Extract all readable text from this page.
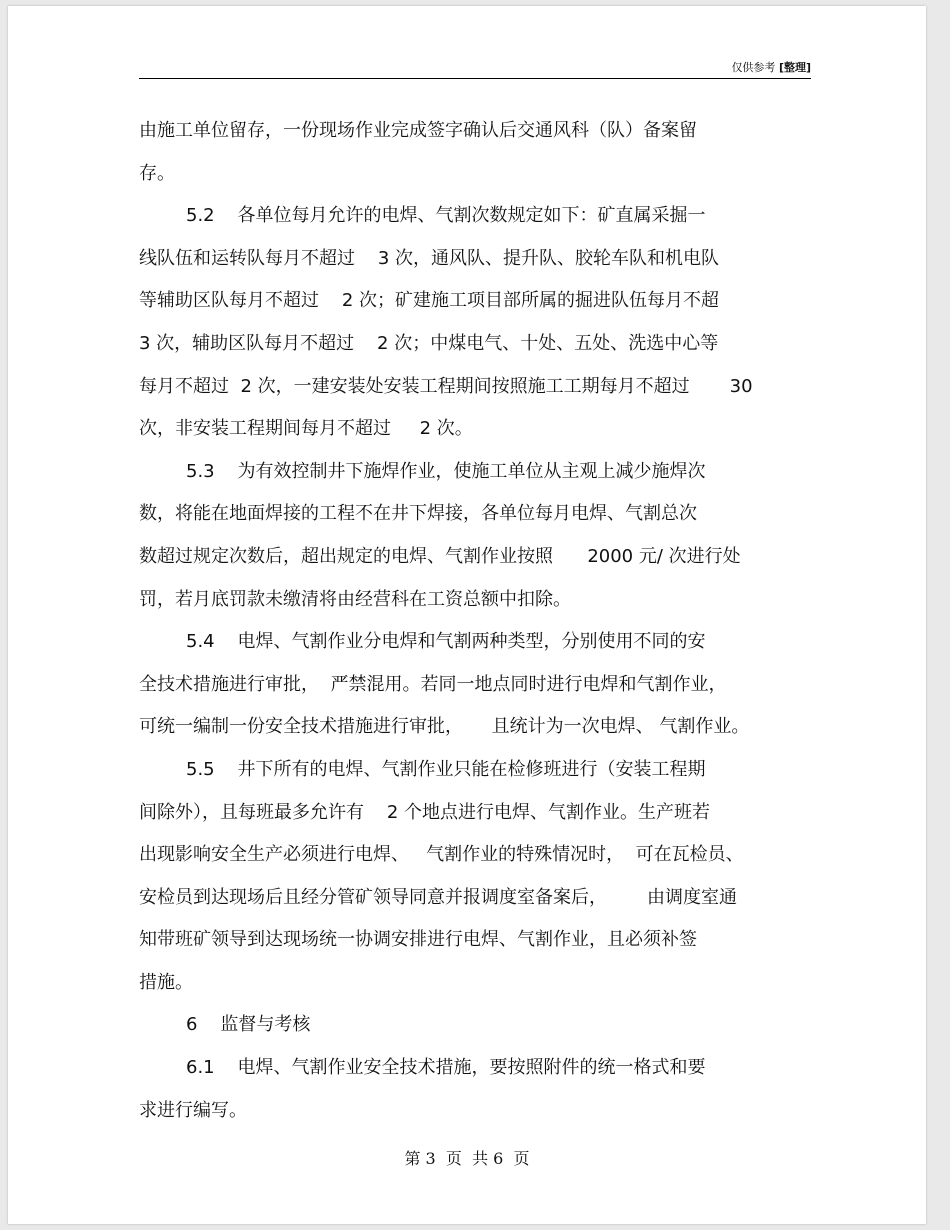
仅供参考 [整理]
由施工单位留存，一份现场作业完成签字确认后交通风科（队）备案留
存。
5.2    各单位每月允许的电焊、气割次数规定如下：矿直属采掘一
线队伍和运转队每月不超过    3 次，通风队、提升队、胶轮车队和机电队
等辅助区队每月不超过    2 次；矿建施工项目部所属的掘进队伍每月不超
3 次，辅助区队每月不超过    2 次；中煤电气、十处、五处、洗选中心等
每月不超过  2 次，一建安装处安装工程期间按照施工工期每月不超过       30
次，非安装工程期间每月不超过     2 次。
5.3    为有效控制井下施焊作业，使施工单位从主观上减少施焊次
数，将能在地面焊接的工程不在井下焊接，各单位每月电焊、气割总次
数超过规定次数后，超出规定的电焊、气割作业按照      2000 元/ 次进行处
罚，若月底罚款未缴清将由经营科在工资总额中扣除。
5.4    电焊、气割作业分电焊和气割两种类型，分别使用不同的安
全技术措施进行审批，  严禁混用。若同一地点同时进行电焊和气割作业，
可统一编制一份安全技术措施进行审批，     且统计为一次电焊、 气割作业。
5.5    井下所有的电焊、气割作业只能在检修班进行（安装工程期
间除外），且每班最多允许有    2 个地点进行电焊、气割作业。生产班若
出现影响安全生产必须进行电焊、   气割作业的特殊情况时，  可在瓦检员、
安检员到达现场后且经分管矿领导同意并报调度室备案后，       由调度室通
知带班矿领导到达现场统一协调安排进行电焊、气割作业，且必须补签
措施。
6    监督与考核
6.1    电焊、气割作业安全技术措施，要按照附件的统一格式和要
求进行编写。
第 3  页  共 6  页
